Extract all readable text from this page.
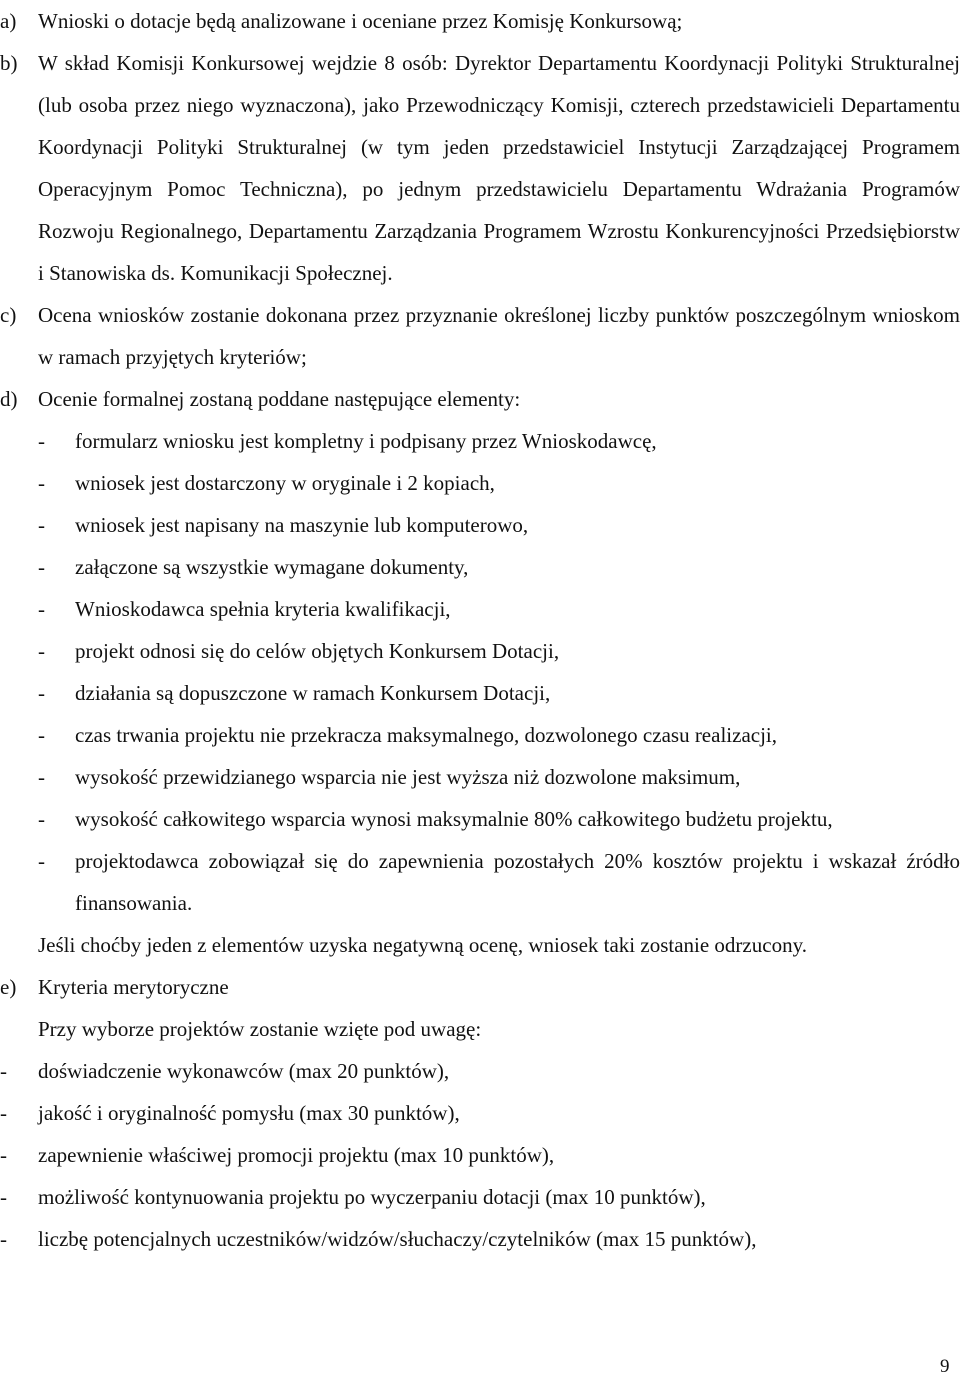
a) Wnioski o dotacje będą analizowane i oceniane przez Komisję Konkursową;
b) W skład Komisji Konkursowej wejdzie 8 osób: Dyrektor Departamentu Koordynacji Polityki Strukturalnej (lub osoba przez niego wyznaczona), jako Przewodniczący Komisji, czterech przedstawicieli Departamentu Koordynacji Polityki Strukturalnej (w tym jeden przedstawiciel Instytucji Zarządzającej Programem Operacyjnym Pomoc Techniczna), po jednym przedstawicielu Departamentu Wdrażania Programów Rozwoju Regionalnego, Departamentu Zarządzania Programem Wzrostu Konkurencyjności Przedsiębiorstw i Stanowiska ds. Komunikacji Społecznej.
c) Ocena wniosków zostanie dokonana przez przyznanie określonej liczby punktów poszczególnym wnioskom w ramach przyjętych kryteriów;
d) Ocenie formalnej zostaną poddane następujące elementy:
- formularz wniosku jest kompletny i podpisany przez Wnioskodawcę,
- wniosek jest dostarczony w oryginale i 2 kopiach,
- wniosek jest napisany na maszynie lub komputerowo,
- załączone są wszystkie wymagane dokumenty,
- Wnioskodawca spełnia kryteria kwalifikacji,
- projekt odnosi się do celów objętych Konkursem Dotacji,
- działania są dopuszczone w ramach Konkursem Dotacji,
- czas trwania projektu nie przekracza maksymalnego, dozwolonego czasu realizacji,
- wysokość przewidzianego wsparcia nie jest wyższa niż dozwolone maksimum,
- wysokość całkowitego wsparcia wynosi maksymalnie 80% całkowitego budżetu projektu,
- projektodawca zobowiązał się do zapewnienia pozostałych 20% kosztów projektu i wskazał źródło finansowania.
Jeśli choćby jeden z elementów uzyska negatywną ocenę, wniosek taki zostanie odrzucony.
e) Kryteria merytoryczne
Przy wyborze projektów zostanie wzięte pod uwagę:
- doświadczenie wykonawców (max 20 punktów),
- jakość i oryginalność pomysłu (max 30 punktów),
- zapewnienie właściwej promocji projektu (max 10 punktów),
- możliwość kontynuowania projektu po wyczerpaniu dotacji (max 10 punktów),
- liczbę potencjalnych uczestników/widzów/słuchaczy/czytelników (max 15 punktów),
9
